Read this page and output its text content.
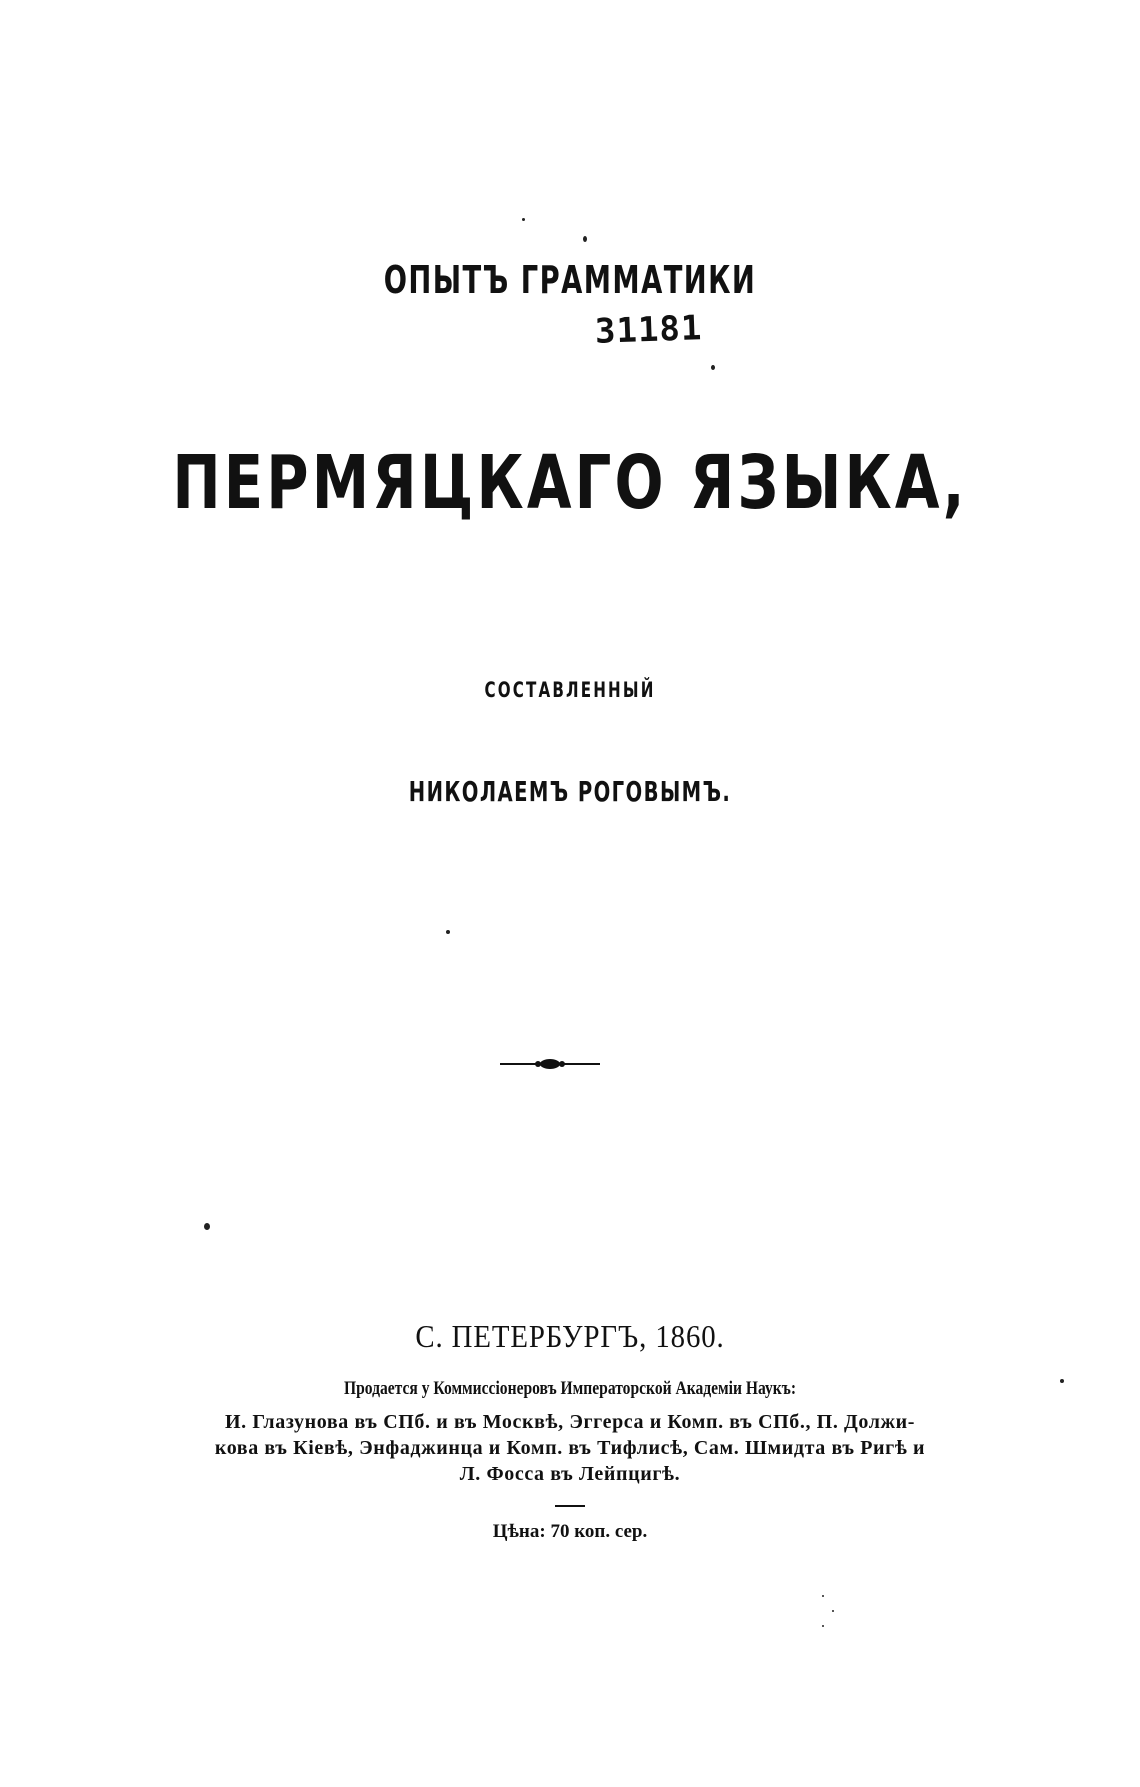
ОПЫТЪ ГРАММАТИКИ
31181
ПЕРМЯЦКАГО ЯЗЫКА,
СОСТАВЛЕННЫЙ
НИКОЛАЕМЪ РОГОВЫМЪ.
С. ПЕТЕРБУРГЪ, 1860.
Продается у Коммиссіонеровъ Императорской Академіи Наукъ:
И. Глазунова въ СПб. и въ Москвѣ, Эггерса и Комп. въ СПб., П. Должи-
кова въ Кіевѣ, Энфаджинца и Комп. въ Тифлисѣ, Сам. Шмидта въ Ригѣ и
Л. Фосса въ Лейпцигѣ.
Цѣна: 70 коп. сер.
